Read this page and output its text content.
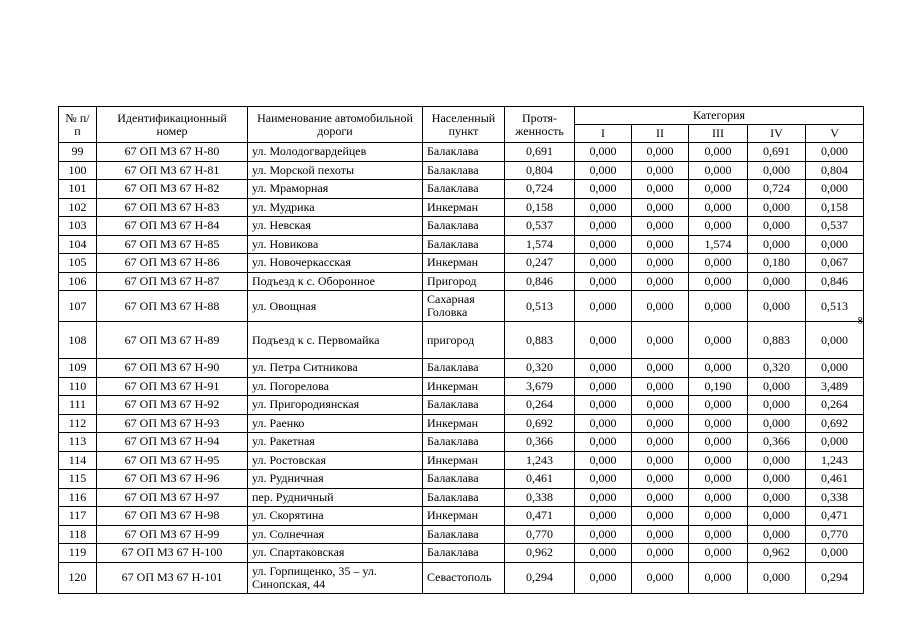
№ п/п	Идентификационный номер	Наименование автомобильной дороги	Населенный пункт	Протя- женность	Категория				
					I	II	III	IV	V
99	67 ОП МЗ 67 Н-80	ул. Молодогвардейцев	Балаклава	0,691	0,000	0,000	0,000	0,691	0,000
100	67 ОП МЗ 67 Н-81	ул. Морской пехоты	Балаклава	0,804	0,000	0,000	0,000	0,000	0,804
101	67 ОП МЗ 67 Н-82	ул. Мраморная	Балаклава	0,724	0,000	0,000	0,000	0,724	0,000
102	67 ОП МЗ 67 Н-83	ул. Мудрика	Инкерман	0,158	0,000	0,000	0,000	0,000	0,158
103	67 ОП МЗ 67 Н-84	ул. Невская	Балаклава	0,537	0,000	0,000	0,000	0,000	0,537
104	67 ОП МЗ 67 Н-85	ул. Новикова	Балаклава	1,574	0,000	0,000	1,574	0,000	0,000
105	67 ОП МЗ 67 Н-86	ул. Новочеркасская	Инкерман	0,247	0,000	0,000	0,000	0,180	0,067
106	67 ОП МЗ 67 Н-87	Подъезд к с. Оборонное	Пригород	0,846	0,000	0,000	0,000	0,000	0,846
107	67 ОП МЗ 67 Н-88	ул. Овощная	Сахарная Головка	0,513	0,000	0,000	0,000	0,000	0,513
108	67 ОП МЗ 67 Н-89	Подъезд к с. Первомайка	пригород	0,883	0,000	0,000	0,000	0,883	0,000
109	67 ОП МЗ 67 Н-90	ул. Петра Ситникова	Балаклава	0,320	0,000	0,000	0,000	0,320	0,000
110	67 ОП МЗ 67 Н-91	ул. Погорелова	Инкерман	3,679	0,000	0,000	0,190	0,000	3,489
111	67 ОП МЗ 67 Н-92	ул. Пригородиянская	Балаклава	0,264	0,000	0,000	0,000	0,000	0,264
112	67 ОП МЗ 67 Н-93	ул. Раенко	Инкерман	0,692	0,000	0,000	0,000	0,000	0,692
113	67 ОП МЗ 67 Н-94	ул. Ракетная	Балаклава	0,366	0,000	0,000	0,000	0,366	0,000
114	67 ОП МЗ 67 Н-95	ул. Ростовская	Инкерман	1,243	0,000	0,000	0,000	0,000	1,243
115	67 ОП МЗ 67 Н-96	ул. Рудничная	Балаклава	0,461	0,000	0,000	0,000	0,000	0,461
116	67 ОП МЗ 67 Н-97	пер. Рудничный	Балаклава	0,338	0,000	0,000	0,000	0,000	0,338
117	67 ОП МЗ 67 Н-98	ул. Скорятина	Инкерман	0,471	0,000	0,000	0,000	0,000	0,471
118	67 ОП МЗ 67 Н-99	ул. Солнечная	Балаклава	0,770	0,000	0,000	0,000	0,000	0,770
119	67 ОП МЗ 67 Н-100	ул. Спартаковская	Балаклава	0,962	0,000	0,000	0,000	0,962	0,000
120	67 ОП МЗ 67 Н-101	ул. Горпищенко, 35 – ул. Синопская, 44	Севастополь	0,294	0,000	0,000	0,000	0,000	0,294
∞
